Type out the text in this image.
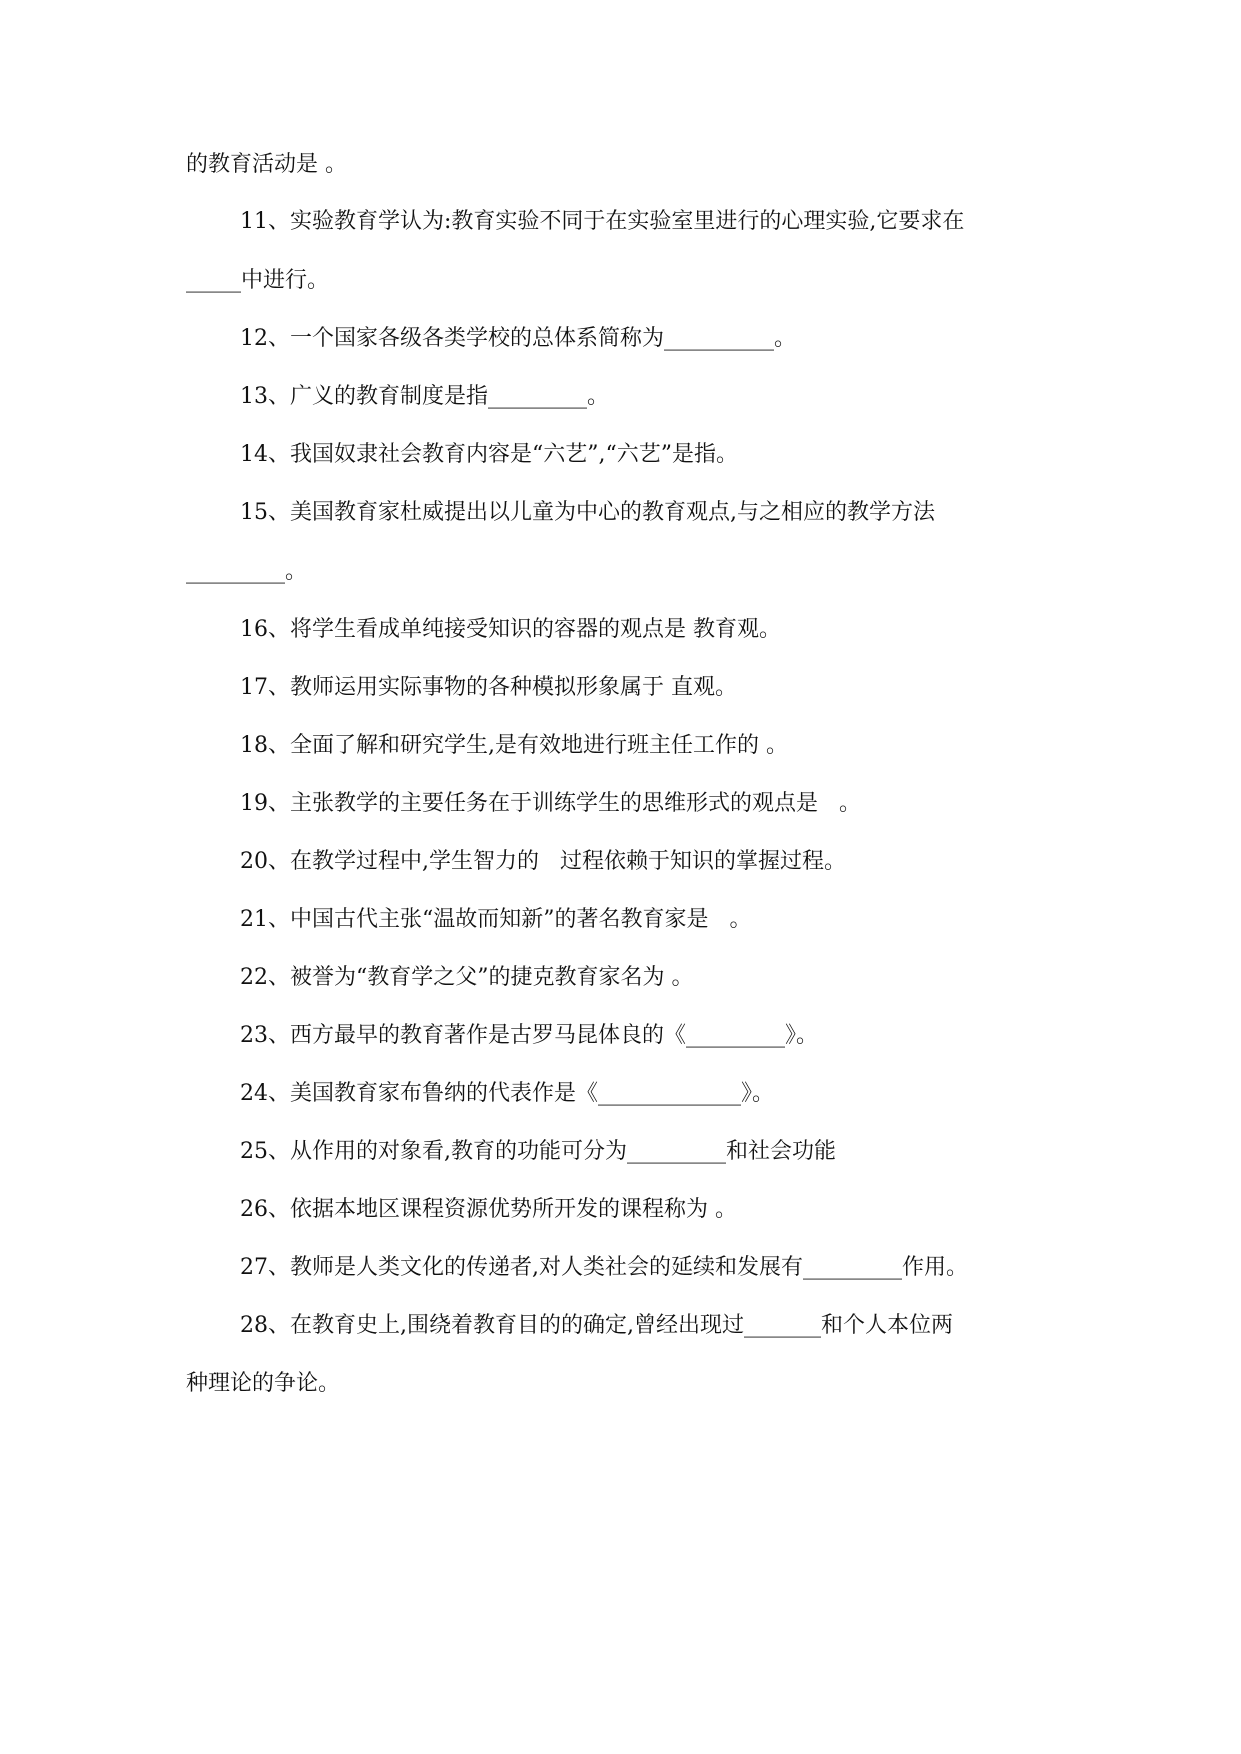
的教育活动是 。
11、实验教育学认为:教育实验不同于在实验室里进行的心理实验,它要求在
_____中进行。
12、一个国家各级各类学校的总体系简称为__________。
13、广义的教育制度是指_________。
14、我国奴隶社会教育内容是“六艺”,“六艺”是指。
15、美国教育家杜威提出以儿童为中心的教育观点,与之相应的教学方法
_________。
16、将学生看成单纯接受知识的容器的观点是 教育观。
17、教师运用实际事物的各种模拟形象属于 直观。
18、全面了解和研究学生,是有效地进行班主任工作的 。
19、主张教学的主要任务在于训练学生的思维形式的观点是   。
20、在教学过程中,学生智力的   过程依赖于知识的掌握过程。
21、中国古代主张“温故而知新”的著名教育家是   。
22、被誉为“教育学之父”的捷克教育家名为 。
23、西方最早的教育著作是古罗马昆体良的《_________》。
24、美国教育家布鲁纳的代表作是《_____________》。
25、从作用的对象看,教育的功能可分为_________和社会功能
26、依据本地区课程资源优势所开发的课程称为 。
27、教师是人类文化的传递者,对人类社会的延续和发展有_________作用。
28、在教育史上,围绕着教育目的的确定,曾经出现过_______和个人本位两
种理论的争论。
